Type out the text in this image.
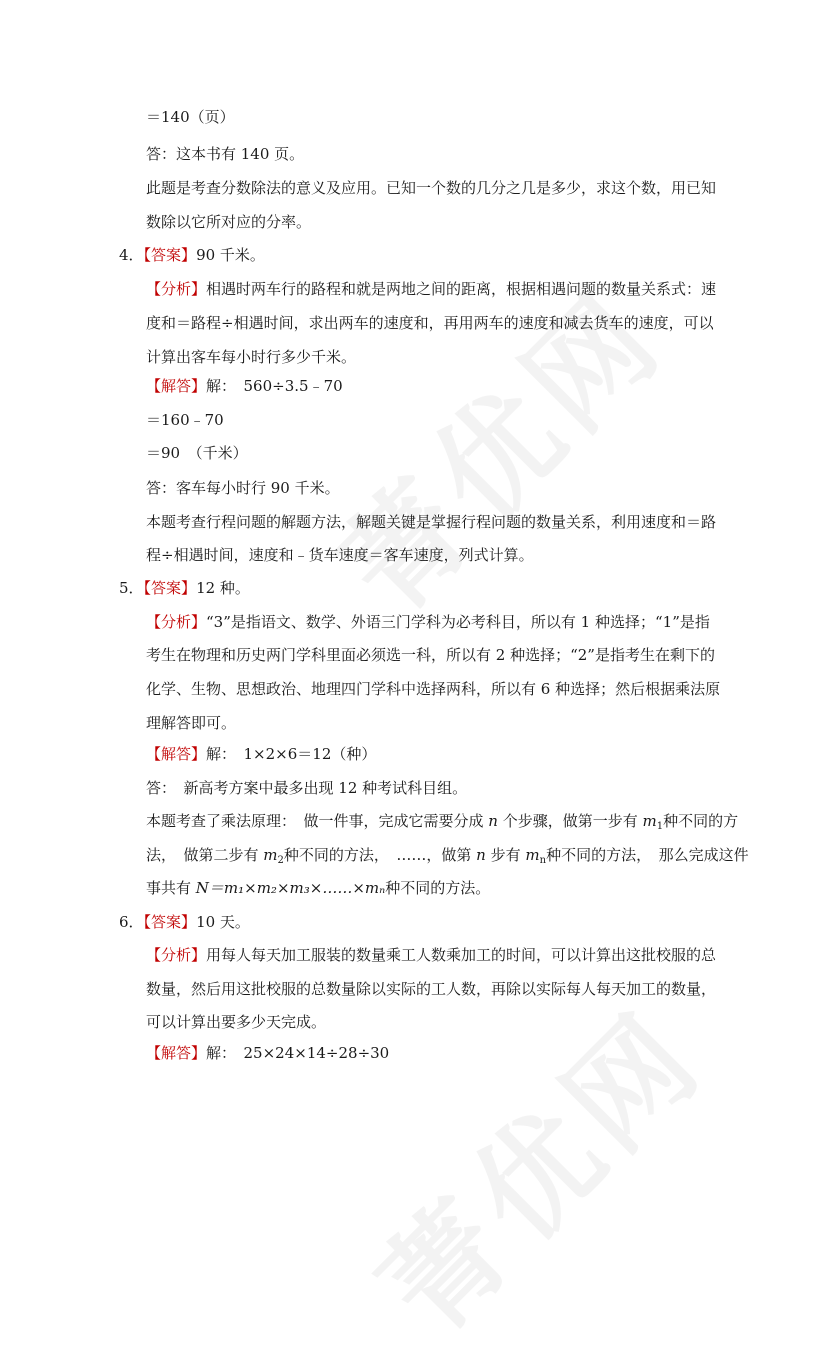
＝140（页）
答：这本书有 140 页。
此题是考查分数除法的意义及应用。已知一个数的几分之几是多少，求这个数，用已知
数除以它所对应的分率。
4．【答案】90 千米。
【分析】相遇时两车行的路程和就是两地之间的距离，根据相遇问题的数量关系式：速
度和＝路程÷相遇时间，求出两车的速度和，再用两车的速度和减去货车的速度，可以
计算出客车每小时行多少千米。
【解答】解：　560÷3.5﹣70
＝160﹣70
＝90　（千米）
答：客车每小时行 90 千米。
本题考查行程问题的解题方法，解题关键是掌握行程问题的数量关系，利用速度和＝路
程÷相遇时间，速度和﹣货车速度＝客车速度，列式计算。
5．【答案】12 种。
【分析】“3”是指语文、数学、外语三门学科为必考科目，所以有 1 种选择；“1”是指
考生在物理和历史两门学科里面必须选一科，所以有 2 种选择；“2”是指考生在剩下的
化学、生物、思想政治、地理四门学科中选择两科，所以有 6 种选择；然后根据乘法原
理解答即可。
【解答】解：　1×2×6＝12（种）
答：　新高考方案中最多出现 12 种考试科目组。
本题考查了乘法原理：　做一件事，完成它需要分成 n 个步骤，做第一步有 $m_1$种不同的方
法，　做第二步有 $m_2$种不同的方法，　……，做第 n 步有 $m_n$种不同的方法，　那么完成这件
事共有 N＝m₁×m₂×m₃×……×mₙ种不同的方法。
6．【答案】10 天。
【分析】用每人每天加工服装的数量乘工人数乘加工的时间，可以计算出这批校服的总
数量，然后用这批校服的总数量除以实际的工人数，再除以实际每人每天加工的数量，
可以计算出要多少天完成。
【解答】解：　25×24×14÷28÷30
